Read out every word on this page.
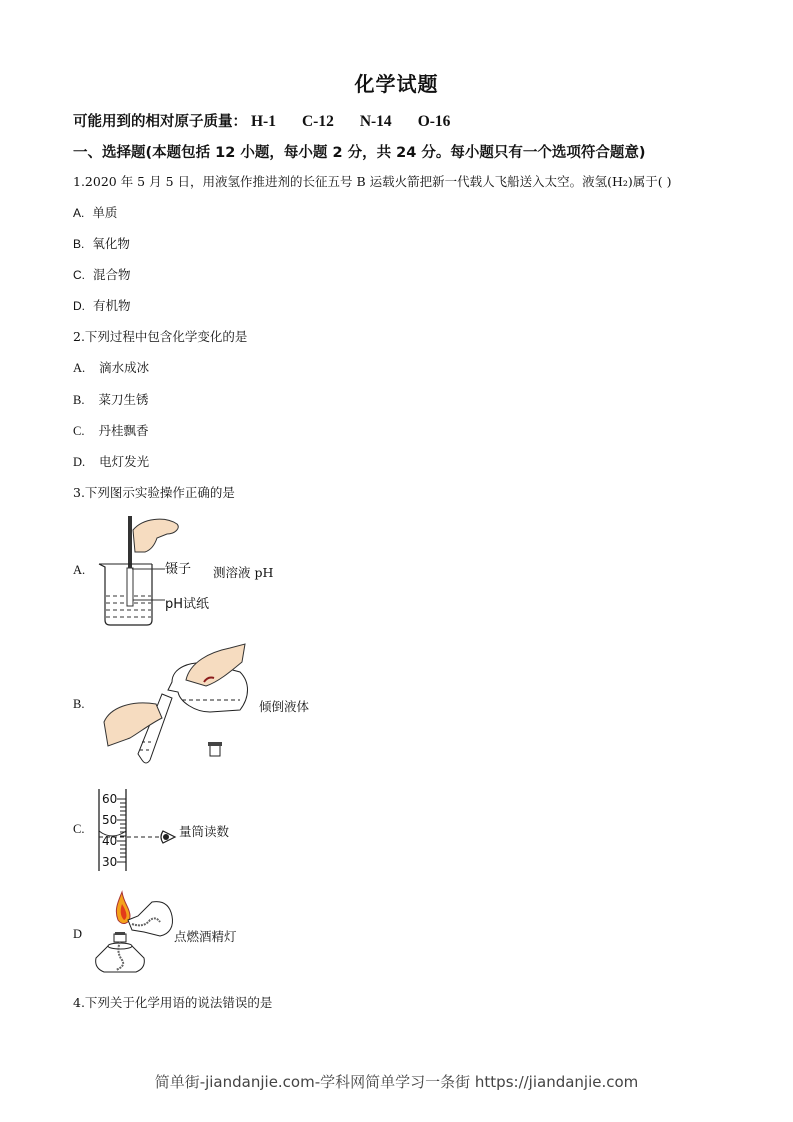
化学试题
可能用到的相对原子质量： H-1 C-12 N-14 O-16
一、选择题(本题包括 12 小题，每小题 2 分，共 24 分。每小题只有一个选项符合题意)
1.2020 年 5 月 5 日，用液氢作推进剂的长征五号 B 运载火箭把新一代载人飞船送入太空。液氢(H₂)属于( )
A. 单质
B. 氧化物
C. 混合物
D. 有机物
2.下列过程中包含化学变化的是
A. 滴水成冰
B. 菜刀生锈
C. 丹桂飘香
D. 电灯发光
3.下列图示实验操作正确的是
A.	镊子
pH试纸
测溶液 pH
B.	倾倒液体
C.
60
50
40
30
量筒读数
D	点燃酒精灯
4.下列关于化学用语的说法错误的是
简单街-jiandanjie.com-学科网简单学习一条街 https://jiandanjie.com
